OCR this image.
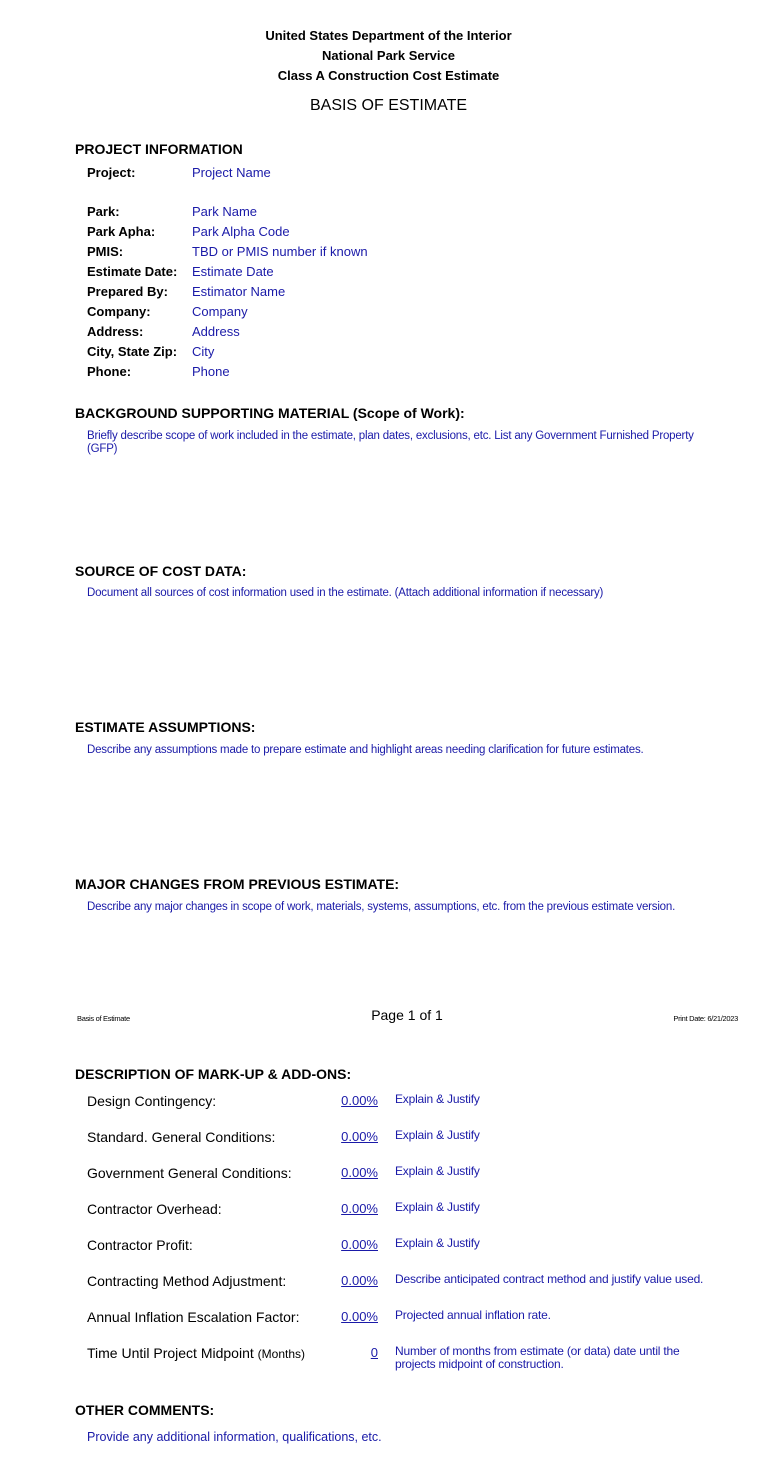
United States Department of the Interior
National Park Service
Class A Construction Cost Estimate
BASIS OF ESTIMATE
PROJECT INFORMATION
Project:	Project Name
Park:	Park Name
Park Apha:	Park Alpha Code
PMIS:	TBD or PMIS number if known
Estimate Date: Estimate Date
Prepared By: Estimator Name
Company:	Company
Address:	Address
City, State Zip: City
Phone:	Phone
BACKGROUND SUPPORTING MATERIAL (Scope of Work):
Briefly describe scope of work included in the estimate, plan dates, exclusions, etc. List any Government Furnished Property (GFP)
SOURCE OF COST DATA:
Document all sources of cost information used in the estimate. (Attach additional information if necessary)
ESTIMATE ASSUMPTIONS:
Describe any assumptions made to prepare estimate and highlight areas needing clarification for future estimates.
MAJOR CHANGES FROM PREVIOUS ESTIMATE:
Describe any major changes in scope of work, materials, systems, assumptions, etc. from the previous estimate version.
Basis of Estimate	Page 1 of 1	Print Date: 6/21/2023
DESCRIPTION OF MARK-UP & ADD-ONS:
Design Contingency:	0.00% Explain & Justify
Standard. General Conditions:	0.00% Explain & Justify
Government General Conditions:	0.00% Explain & Justify
Contractor Overhead:	0.00% Explain & Justify
Contractor Profit:	0.00% Explain & Justify
Contracting Method Adjustment:	0.00% Describe anticipated contract method and justify value used.
Annual Inflation Escalation Factor:	0.00% Projected annual inflation rate.
Time Until Project Midpoint (Months)	0 Number of months from estimate (or data) date until the projects midpoint of construction.
OTHER COMMENTS:
Provide any additional information, qualifications, etc.
